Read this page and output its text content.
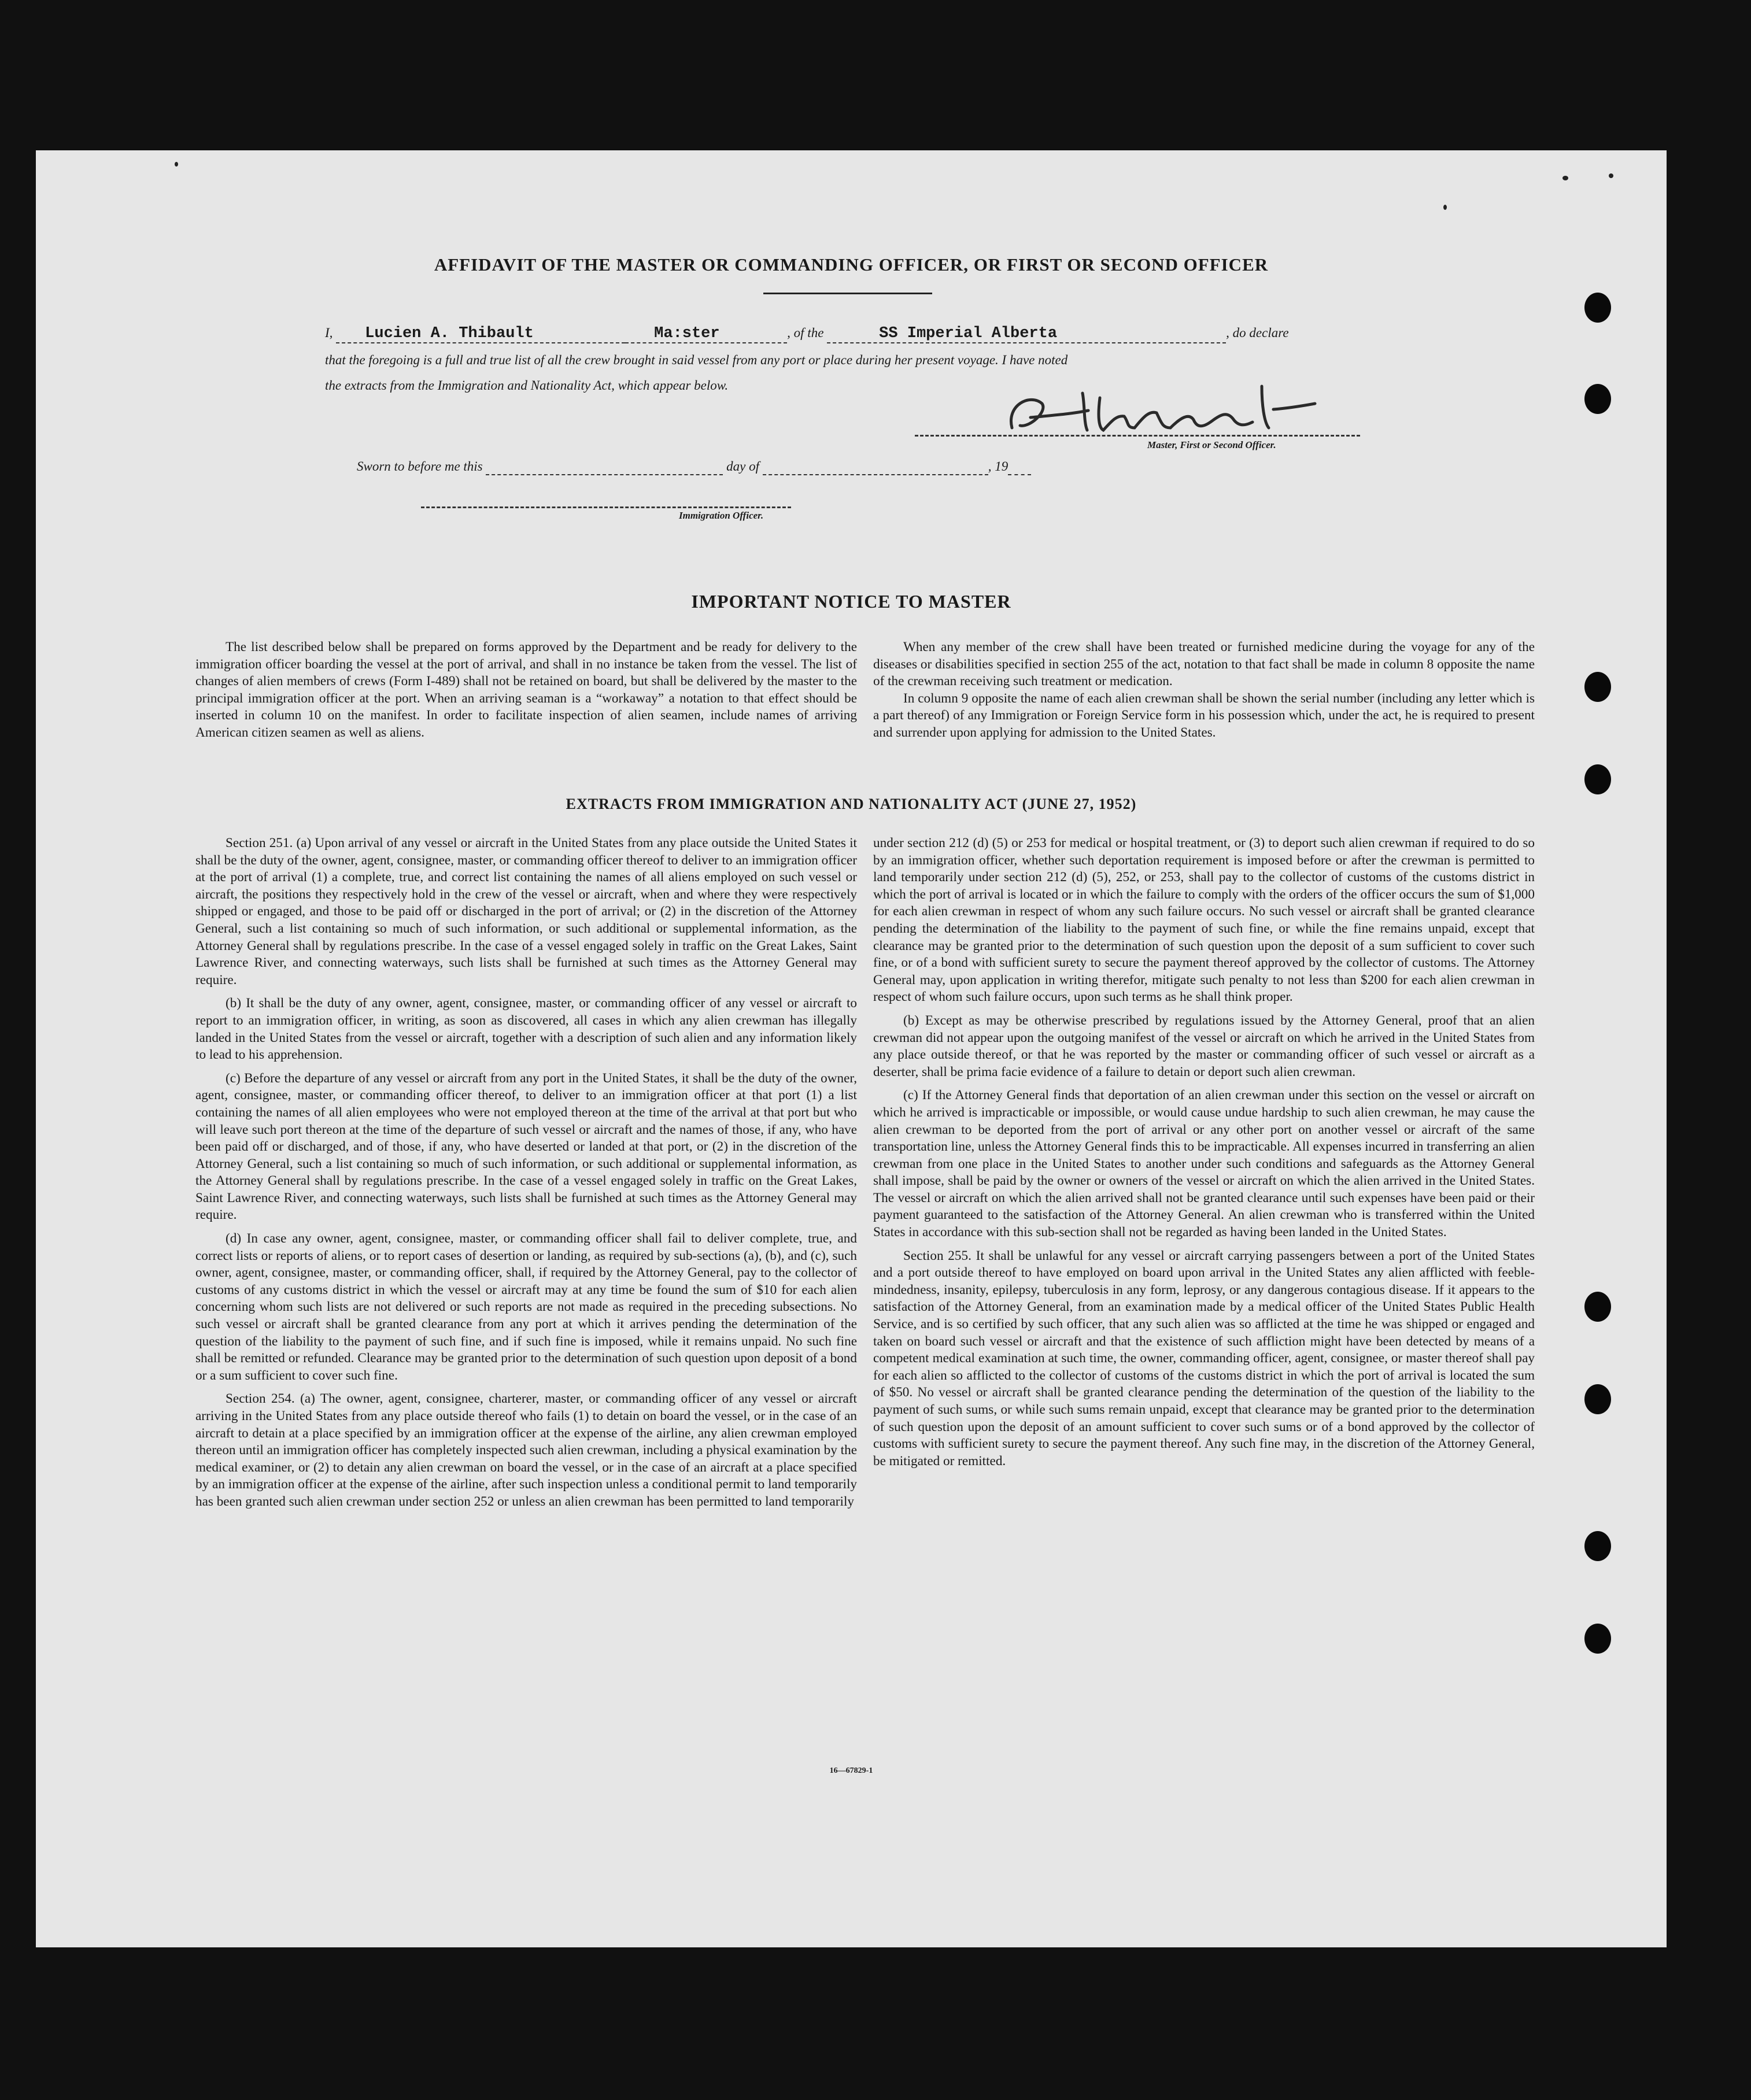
AFFIDAVIT OF THE MASTER OR COMMANDING OFFICER, OR FIRST OR SECOND OFFICER
I, Lucien A. Thibault	Ma:ster	, of the	SS Imperial Alberta	, do declare
that the foregoing is a full and true list of all the crew brought in said vessel from any port or place during her present voyage. I have noted
the extracts from the Immigration and Nationality Act, which appear below.
Master, First or Second Officer.
Sworn to before me this	day of	, 19
Immigration Officer.
IMPORTANT NOTICE TO MASTER

The list described below shall be prepared on forms approved by the Department and be ready for delivery to the immigration officer boarding the vessel at the port of arrival, and shall in no instance be taken from the vessel. The list of changes of alien members of crews (Form I-489) shall not be retained on board, but shall be delivered by the master to the principal immigration officer at the port. When an arriving seaman is a “workaway” a notation to that effect should be inserted in column 10 on the manifest. In order to facilitate inspection of alien seamen, include names of arriving American citizen seamen as well as aliens.

When any member of the crew shall have been treated or furnished medicine during the voyage for any of the diseases or disabilities specified in section 255 of the act, notation to that fact shall be made in column 8 opposite the name of the crewman receiving such treatment or medication.

In column 9 opposite the name of each alien crewman shall be shown the serial number (including any letter which is a part thereof) of any Immigration or Foreign Service form in his possession which, under the act, he is required to present and surrender upon applying for admission to the United States.

EXTRACTS FROM IMMIGRATION AND NATIONALITY ACT (JUNE 27, 1952)

Section 251. (a) Upon arrival of any vessel or aircraft in the United States from any place outside the United States it shall be the duty of the owner, agent, consignee, master, or commanding officer thereof to deliver to an immigration officer at the port of arrival (1) a complete, true, and correct list containing the names of all aliens employed on such vessel or aircraft, the positions they respectively hold in the crew of the vessel or aircraft, when and where they were respectively shipped or engaged, and those to be paid off or discharged in the port of arrival; or (2) in the discretion of the Attorney General, such a list containing so much of such information, or such additional or supplemental information, as the Attorney General shall by regulations prescribe. In the case of a vessel engaged solely in traffic on the Great Lakes, Saint Lawrence River, and connecting waterways, such lists shall be furnished at such times as the Attorney General may require.

(b) It shall be the duty of any owner, agent, consignee, master, or commanding officer of any vessel or aircraft to report to an immigration officer, in writing, as soon as discovered, all cases in which any alien crewman has illegally landed in the United States from the vessel or aircraft, together with a description of such alien and any information likely to lead to his apprehension.

(c) Before the departure of any vessel or aircraft from any port in the United States, it shall be the duty of the owner, agent, consignee, master, or commanding officer thereof, to deliver to an immigration officer at that port (1) a list containing the names of all alien employees who were not employed thereon at the time of the arrival at that port but who will leave such port thereon at the time of the departure of such vessel or aircraft and the names of those, if any, who have been paid off or discharged, and of those, if any, who have deserted or landed at that port, or (2) in the discretion of the Attorney General, such a list containing so much of such information, or such additional or supplemental information, as the Attorney General shall by regulations prescribe. In the case of a vessel engaged solely in traffic on the Great Lakes, Saint Lawrence River, and connecting waterways, such lists shall be furnished at such times as the Attorney General may require.

(d) In case any owner, agent, consignee, master, or commanding officer shall fail to deliver complete, true, and correct lists or reports of aliens, or to report cases of desertion or landing, as required by sub-sections (a), (b), and (c), such owner, agent, consignee, master, or commanding officer, shall, if required by the Attorney General, pay to the collector of customs of any customs district in which the vessel or aircraft may at any time be found the sum of $10 for each alien concerning whom such lists are not delivered or such reports are not made as required in the preceding subsections. No such vessel or aircraft shall be granted clearance from any port at which it arrives pending the determination of the question of the liability to the payment of such fine, and if such fine is imposed, while it remains unpaid. No such fine shall be remitted or refunded. Clearance may be granted prior to the determination of such question upon deposit of a bond or a sum sufficient to cover such fine.

Section 254. (a) The owner, agent, consignee, charterer, master, or commanding officer of any vessel or aircraft arriving in the United States from any place outside thereof who fails (1) to detain on board the vessel, or in the case of an aircraft to detain at a place specified by an immigration officer at the expense of the airline, any alien crewman employed thereon until an immigration officer has completely inspected such alien crewman, including a physical examination by the medical examiner, or (2) to detain any alien crewman on board the vessel, or in the case of an aircraft at a place specified by an immigration officer at the expense of the airline, after such inspection unless a conditional permit to land temporarily has been granted such alien crewman under section 252 or unless an alien crewman has been permitted to land temporarily

under section 212 (d) (5) or 253 for medical or hospital treatment, or (3) to deport such alien crewman if required to do so by an immigration officer, whether such deportation requirement is imposed before or after the crewman is permitted to land temporarily under section 212 (d) (5), 252, or 253, shall pay to the collector of customs of the customs district in which the port of arrival is located or in which the failure to comply with the orders of the officer occurs the sum of $1,000 for each alien crewman in respect of whom any such failure occurs. No such vessel or aircraft shall be granted clearance pending the determination of the liability to the payment of such fine, or while the fine remains unpaid, except that clearance may be granted prior to the determination of such question upon the deposit of a sum sufficient to cover such fine, or of a bond with sufficient surety to secure the payment thereof approved by the collector of customs. The Attorney General may, upon application in writing therefor, mitigate such penalty to not less than $200 for each alien crewman in respect of whom such failure occurs, upon such terms as he shall think proper.

(b) Except as may be otherwise prescribed by regulations issued by the Attorney General, proof that an alien crewman did not appear upon the outgoing manifest of the vessel or aircraft on which he arrived in the United States from any place outside thereof, or that he was reported by the master or commanding officer of such vessel or aircraft as a deserter, shall be prima facie evidence of a failure to detain or deport such alien crewman.

(c) If the Attorney General finds that deportation of an alien crewman under this section on the vessel or aircraft on which he arrived is impracticable or impossible, or would cause undue hardship to such alien crewman, he may cause the alien crewman to be deported from the port of arrival or any other port on another vessel or aircraft of the same transportation line, unless the Attorney General finds this to be impracticable. All expenses incurred in transferring an alien crewman from one place in the United States to another under such conditions and safeguards as the Attorney General shall impose, shall be paid by the owner or owners of the vessel or aircraft on which the alien arrived in the United States. The vessel or aircraft on which the alien arrived shall not be granted clearance until such expenses have been paid or their payment guaranteed to the satisfaction of the Attorney General. An alien crewman who is transferred within the United States in accordance with this sub-section shall not be regarded as having been landed in the United States.

Section 255. It shall be unlawful for any vessel or aircraft carrying passengers between a port of the United States and a port outside thereof to have employed on board upon arrival in the United States any alien afflicted with feeble-mindedness, insanity, epilepsy, tuberculosis in any form, leprosy, or any dangerous contagious disease. If it appears to the satisfaction of the Attorney General, from an examination made by a medical officer of the United States Public Health Service, and is so certified by such officer, that any such alien was so afflicted at the time he was shipped or engaged and taken on board such vessel or aircraft and that the existence of such affliction might have been detected by means of a competent medical examination at such time, the owner, commanding officer, agent, consignee, or master thereof shall pay for each alien so afflicted to the collector of customs of the customs district in which the port of arrival is located the sum of $50. No vessel or aircraft shall be granted clearance pending the determination of the question of the liability to the payment of such sums, or while such sums remain unpaid, except that clearance may be granted prior to the determination of such question upon the deposit of an amount sufficient to cover such sums or of a bond approved by the collector of customs with sufficient surety to secure the payment thereof. Any such fine may, in the discretion of the Attorney General, be mitigated or remitted.

16—67829-1
